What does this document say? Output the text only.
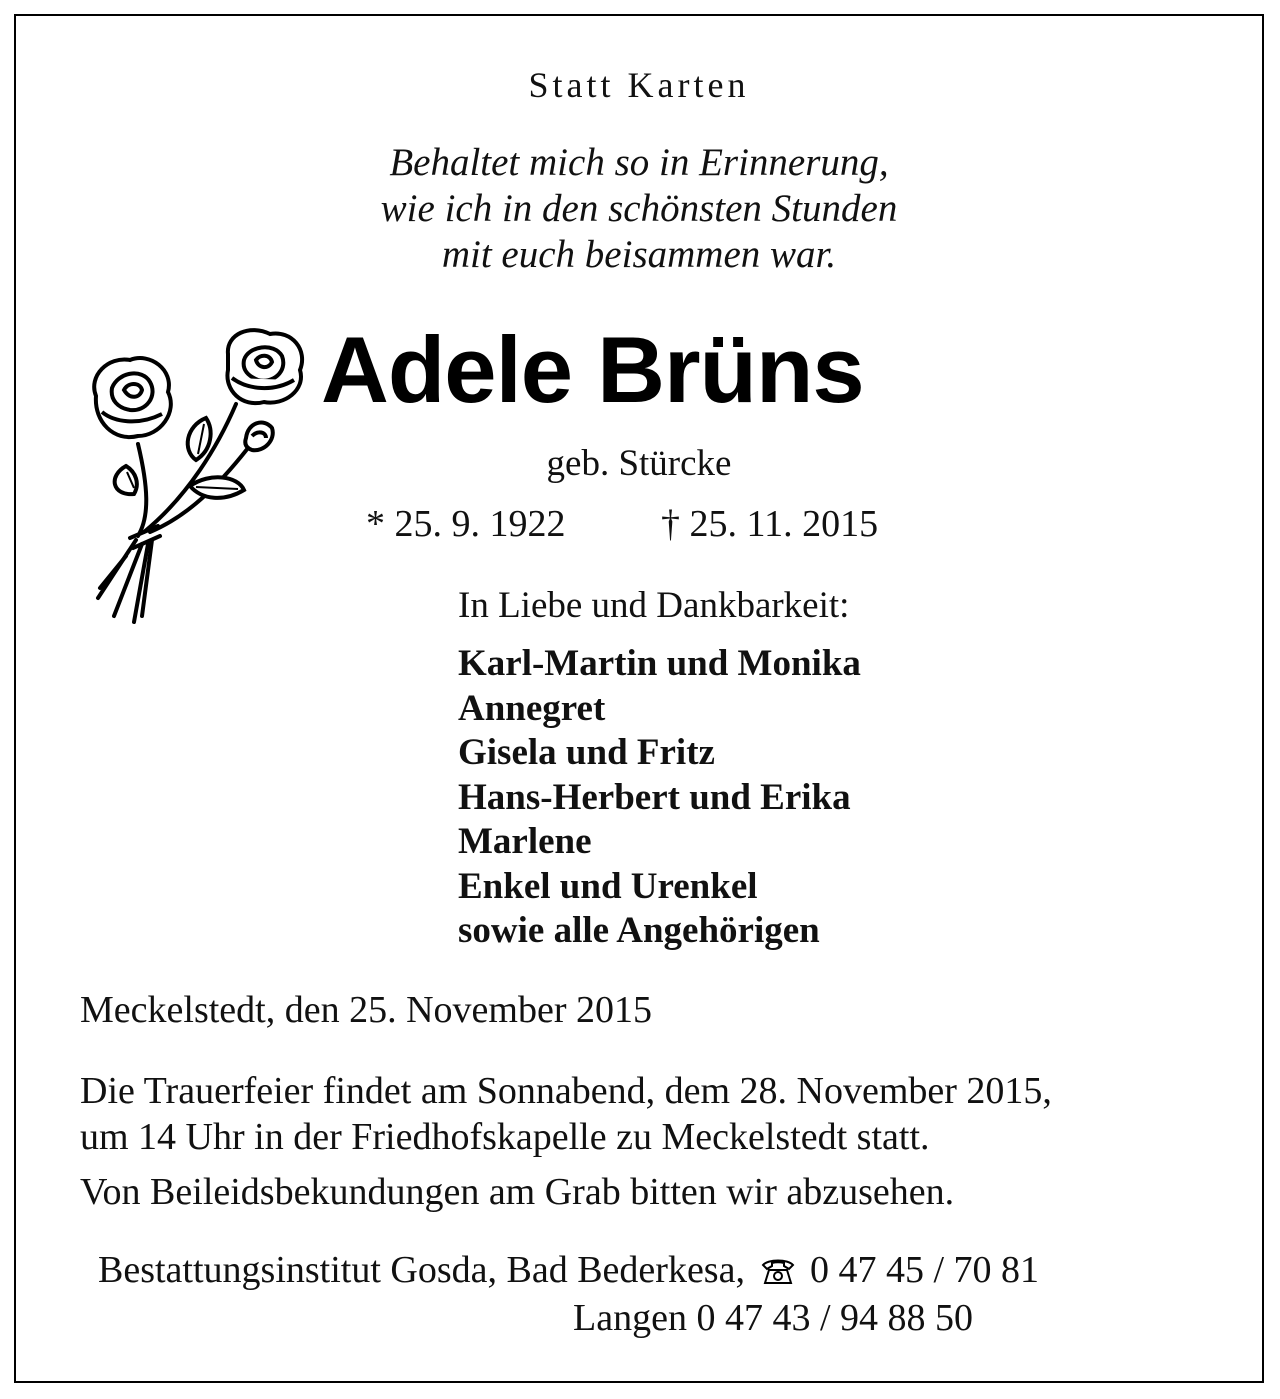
Statt Karten
Behaltet mich so in Erinnerung,
wie ich in den schönsten Stunden
mit euch beisammen war.
Adele Brüns
geb. Stürcke
* 25. 9. 1922	† 25. 11. 2015
In Liebe und Dankbarkeit:
Karl-Martin und Monika
Annegret
Gisela und Fritz
Hans-Herbert und Erika
Marlene
Enkel und Urenkel
sowie alle Angehörigen
Meckelstedt, den 25. November 2015
Die Trauerfeier findet am Sonnabend, dem 28. November 2015,
um 14 Uhr in der Friedhofskapelle zu Meckelstedt statt.
Von Beileidsbekundungen am Grab bitten wir abzusehen.
Bestattungsinstitut Gosda, Bad Bederkesa, 0 47 45 / 70 81
Langen 0 47 43 / 94 88 50
